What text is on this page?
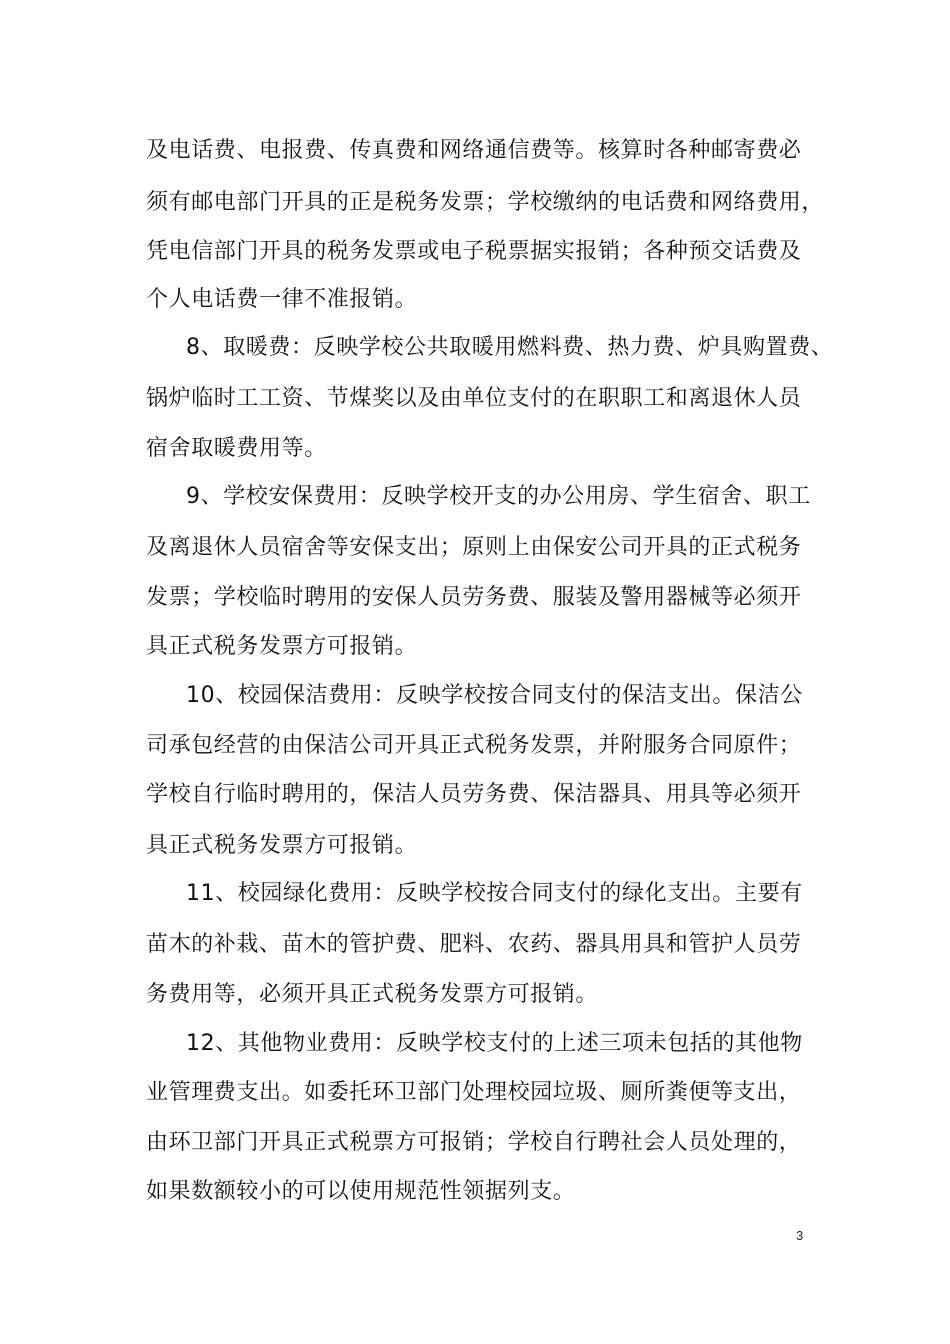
及电话费、电报费、传真费和网络通信费等。核算时各种邮寄费必
须有邮电部门开具的正是税务发票；学校缴纳的电话费和网络费用，
凭电信部门开具的税务发票或电子税票据实报销；各种预交话费及
个人电话费一律不准报销。
8、取暖费：反映学校公共取暖用燃料费、热力费、炉具购置费、
锅炉临时工工资、节煤奖以及由单位支付的在职职工和离退休人员
宿舍取暖费用等。
9、学校安保费用：反映学校开支的办公用房、学生宿舍、职工
及离退休人员宿舍等安保支出；原则上由保安公司开具的正式税务
发票；学校临时聘用的安保人员劳务费、服装及警用器械等必须开
具正式税务发票方可报销。
10、校园保洁费用：反映学校按合同支付的保洁支出。保洁公
司承包经营的由保洁公司开具正式税务发票，并附服务合同原件；
学校自行临时聘用的，保洁人员劳务费、保洁器具、用具等必须开
具正式税务发票方可报销。
11、校园绿化费用：反映学校按合同支付的绿化支出。主要有
苗木的补栽、苗木的管护费、肥料、农药、器具用具和管护人员劳
务费用等，必须开具正式税务发票方可报销。
12、其他物业费用：反映学校支付的上述三项未包括的其他物
业管理费支出。如委托环卫部门处理校园垃圾、厕所粪便等支出，
由环卫部门开具正式税票方可报销；学校自行聘社会人员处理的，
如果数额较小的可以使用规范性领据列支。
3
